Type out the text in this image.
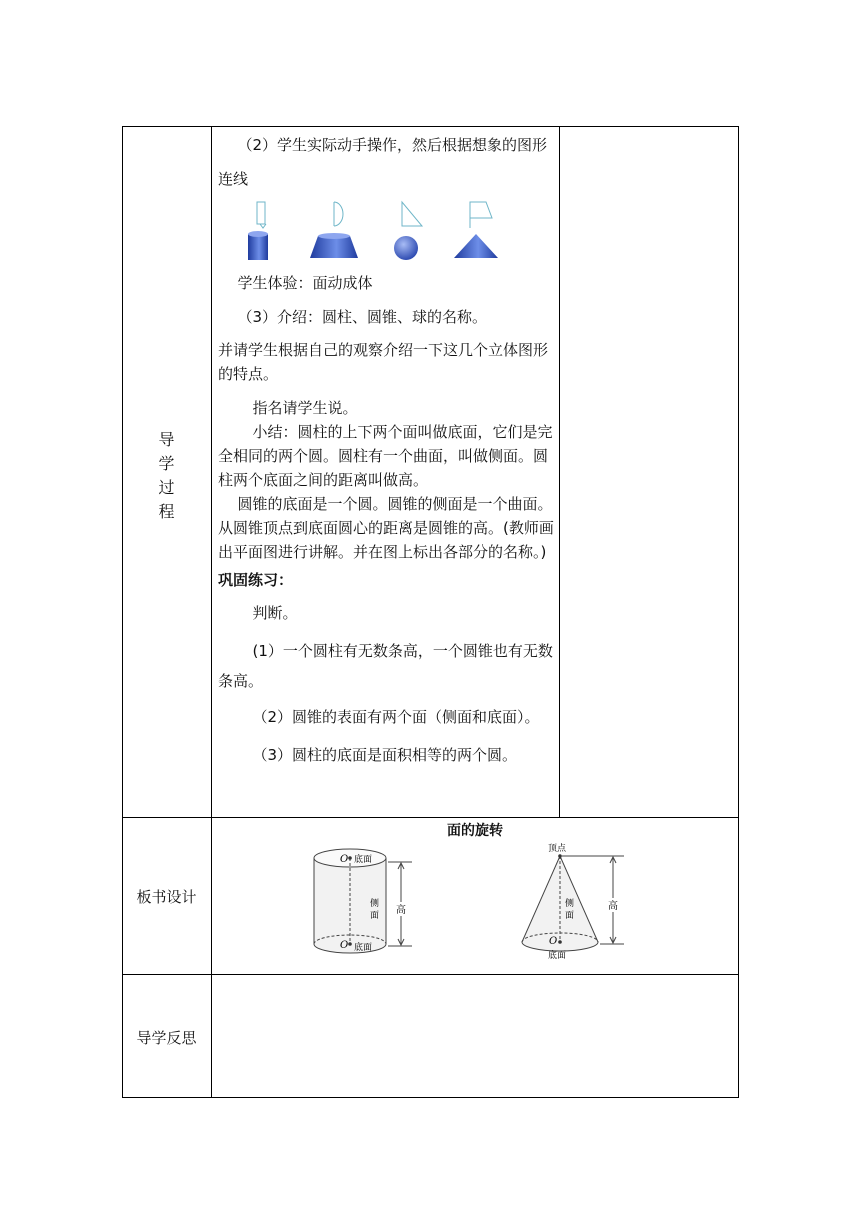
导
学
过
程
板书设计
导学反思

（2）学生实际动手操作，然后根据想象的图形连线

学生体验：面动成体

（3）介绍：圆柱、圆锥、球的名称。

并请学生根据自己的观察介绍一下这几个立体图形的特点。

指名请学生说。

小结：圆柱的上下两个面叫做底面，它们是完全相同的两个圆。圆柱有一个曲面，叫做侧面。圆柱两个底面之间的距离叫做高。

圆锥的底面是一个圆。圆锥的侧面是一个曲面。从圆锥顶点到底面圆心的距离是圆锥的高。(教师画出平面图进行讲解。并在图上标出各部分的名称。)

巩固练习：

判断。

(1）一个圆柱有无数条高，一个圆锥也有无数条高。

（2）圆锥的表面有两个面（侧面和底面）。

（3）圆柱的底面是面积相等的两个圆。

面的旋转
O 底面
侧
面 高
O 底面
顶点
侧
面
高
O
底面
